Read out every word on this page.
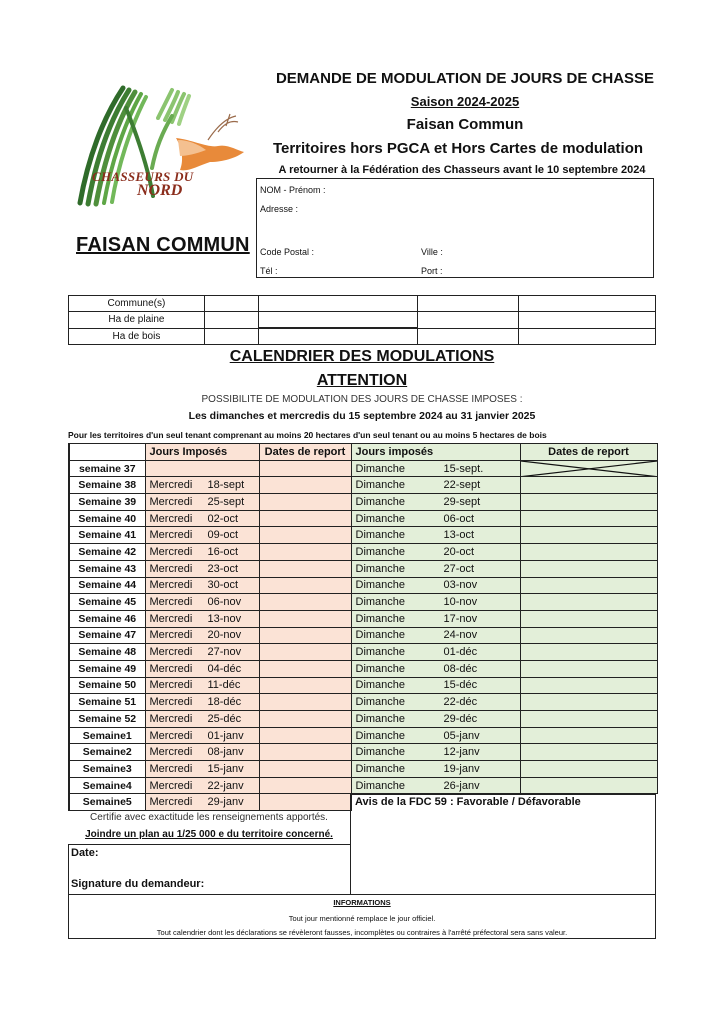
CHASSEURS DU
NORD
FAISAN COMMUN
DEMANDE DE MODULATION DE JOURS DE CHASSE
Saison 2024-2025
Faisan Commun
Territoires hors PGCA et Hors Cartes de modulation
A retourner à la Fédération des Chasseurs avant le 10 septembre 2024
NOM - Prénom :
Adresse :
Code Postal :	Ville :
Tél :	Port :
Commune(s)				
Ha de plaine				
Ha de bois				
CALENDRIER DES MODULATIONS
ATTENTION
POSSIBILITE DE MODULATION DES JOURS DE CHASSE IMPOSES :
Les dimanches et mercredis du 15 septembre 2024 au 31 janvier 2025
Pour les territoires d'un seul tenant comprenant au moins 20 hectares d'un seul tenant ou au moins 5 hectares de bois
	Jours Imposés	Dates de report	Jours imposés	Dates de report
semaine 37			Dimanche 15-sept.	

Semaine 38	Mercredi 18-sept		Dimanche 22-sept	
Semaine 39	Mercredi 25-sept		Dimanche 29-sept	
Semaine 40	Mercredi 02-oct		Dimanche 06-oct	
Semaine 41	Mercredi 09-oct		Dimanche 13-oct	
Semaine 42	Mercredi 16-oct		Dimanche 20-oct	
Semaine 43	Mercredi 23-oct		Dimanche 27-oct	
Semaine 44	Mercredi 30-oct		Dimanche 03-nov	
Semaine 45	Mercredi 06-nov		Dimanche 10-nov	
Semaine 46	Mercredi 13-nov		Dimanche 17-nov	
Semaine 47	Mercredi 20-nov		Dimanche 24-nov	
Semaine 48	Mercredi 27-nov		Dimanche 01-déc	
Semaine 49	Mercredi 04-déc		Dimanche 08-déc	
Semaine 50	Mercredi 11-déc		Dimanche 15-déc	
Semaine 51	Mercredi 18-déc		Dimanche 22-déc	
Semaine 52	Mercredi 25-déc		Dimanche 29-déc	
Semaine1	Mercredi 01-janv		Dimanche 05-janv	
Semaine2	Mercredi 08-janv		Dimanche 12-janv	
Semaine3	Mercredi 15-janv		Dimanche 19-janv	
Semaine4	Mercredi 22-janv		Dimanche 26-janv	
Semaine5	Mercredi 29-janv				Avis de la FDC 59 : Favorable / Défavorable
Certifie avec exactitude les renseignements apportés.
Joindre un plan au 1/25 000 e du territoire concerné.
Date:
Signature du demandeur:
INFORMATIONS
Tout jour mentionné remplace le jour officiel.
Tout calendrier dont les déclarations se révèleront fausses, incomplètes ou contraires à l'arrêté préfectoral sera sans valeur.
